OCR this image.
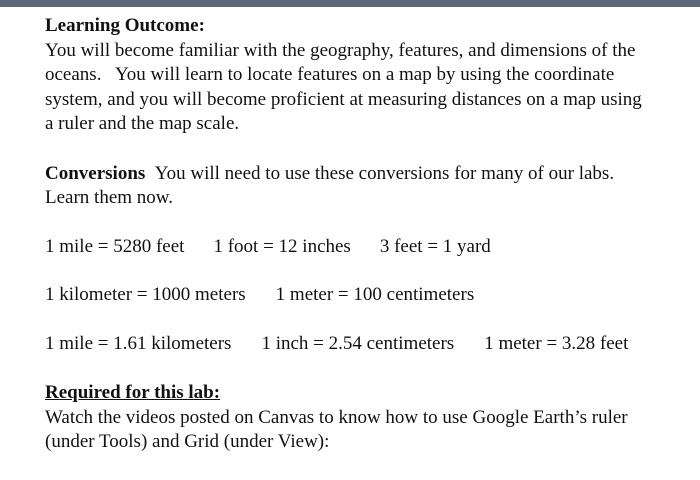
Learning Outcome:
You will become familiar with the geography, features, and dimensions of the oceans.   You will learn to locate features on a map by using the coordinate system, and you will become proficient at measuring distances on a map using a ruler and the map scale.

Conversions  You will need to use these conversions for many of our labs.   Learn them now.

1 mile = 5280 feet 1 foot = 12 inches 3 feet = 1 yard

1 kilometer = 1000 meters 1 meter = 100 centimeters

1 mile = 1.61 kilometers 1 inch = 2.54 centimeters 1 meter = 3.28 feet

Required for this lab:
Watch the videos posted on Canvas to know how to use Google Earth’s ruler (under Tools) and Grid (under View):
